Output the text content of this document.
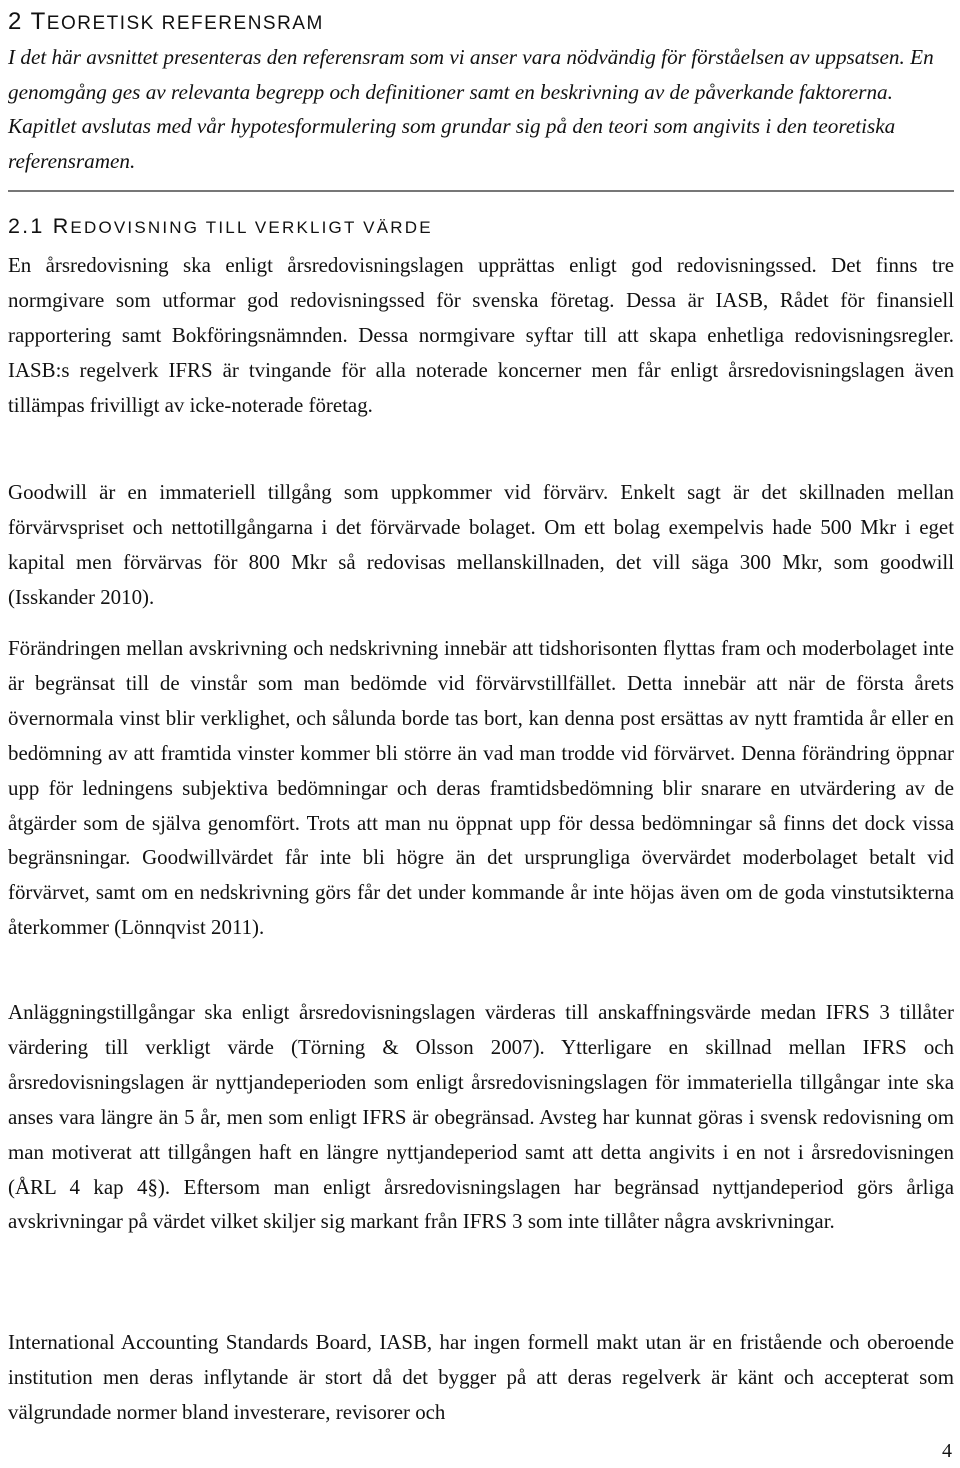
2 TEORETISK REFERENSRAM

I det här avsnittet presenteras den referensram som vi anser vara nödvändig för förståelsen av uppsatsen. En genomgång ges av relevanta begrepp och definitioner samt en beskrivning av de påverkande faktorerna. Kapitlet avslutas med vår hypotesformulering som grundar sig på den teori som angivits i den teoretiska referensramen.

2.1 REDOVISNING TILL VERKLIGT VÄRDE

En årsredovisning ska enligt årsredovisningslagen upprättas enligt god redovisningssed. Det finns tre normgivare som utformar god redovisningssed för svenska företag. Dessa är IASB, Rådet för finansiell rapportering samt Bokföringsnämnden. Dessa normgivare syftar till att skapa enhetliga redovisningsregler. IASB:s regelverk IFRS är tvingande för alla noterade koncerner men får enligt årsredovisningslagen även tillämpas frivilligt av icke-noterade företag.

Goodwill är en immateriell tillgång som uppkommer vid förvärv. Enkelt sagt är det skillnaden mellan förvärvspriset och nettotillgångarna i det förvärvade bolaget. Om ett bolag exempelvis hade 500 Mkr i eget kapital men förvärvas för 800 Mkr så redovisas mellanskillnaden, det vill säga 300 Mkr, som goodwill (Isskander 2010).

Förändringen mellan avskrivning och nedskrivning innebär att tidshorisonten flyttas fram och moderbolaget inte är begränsat till de vinstår som man bedömde vid förvärvstillfället. Detta innebär att när de första årets övernormala vinst blir verklighet, och sålunda borde tas bort, kan denna post ersättas av nytt framtida år eller en bedömning av att framtida vinster kommer bli större än vad man trodde vid förvärvet. Denna förändring öppnar upp för ledningens subjektiva bedömningar och deras framtidsbedömning blir snarare en utvärdering av de åtgärder som de själva genomfört. Trots att man nu öppnat upp för dessa bedömningar så finns det dock vissa begränsningar. Goodwillvärdet får inte bli högre än det ursprungliga övervärdet moderbolaget betalt vid förvärvet, samt om en nedskrivning görs får det under kommande år inte höjas även om de goda vinstutsikterna återkommer (Lönnqvist 2011).

Anläggningstillgångar ska enligt årsredovisningslagen värderas till anskaffningsvärde medan IFRS 3 tillåter värdering till verkligt värde (Törning & Olsson 2007). Ytterligare en skillnad mellan IFRS och årsredovisningslagen är nyttjandeperioden som enligt årsredovisningslagen för immateriella tillgångar inte ska anses vara längre än 5 år, men som enligt IFRS är obegränsad. Avsteg har kunnat göras i svensk redovisning om man motiverat att tillgången haft en längre nyttjandeperiod samt att detta angivits i en not i årsredovisningen (ÅRL 4 kap 4§). Eftersom man enligt årsredovisningslagen har begränsad nyttjandeperiod görs årliga avskrivningar på värdet vilket skiljer sig markant från IFRS 3 som inte tillåter några avskrivningar.

International Accounting Standards Board, IASB, har ingen formell makt utan är en fristående och oberoende institution men deras inflytande är stort då det bygger på att deras regelverk är känt och accepterat som välgrundade normer bland investerare, revisorer och

4
